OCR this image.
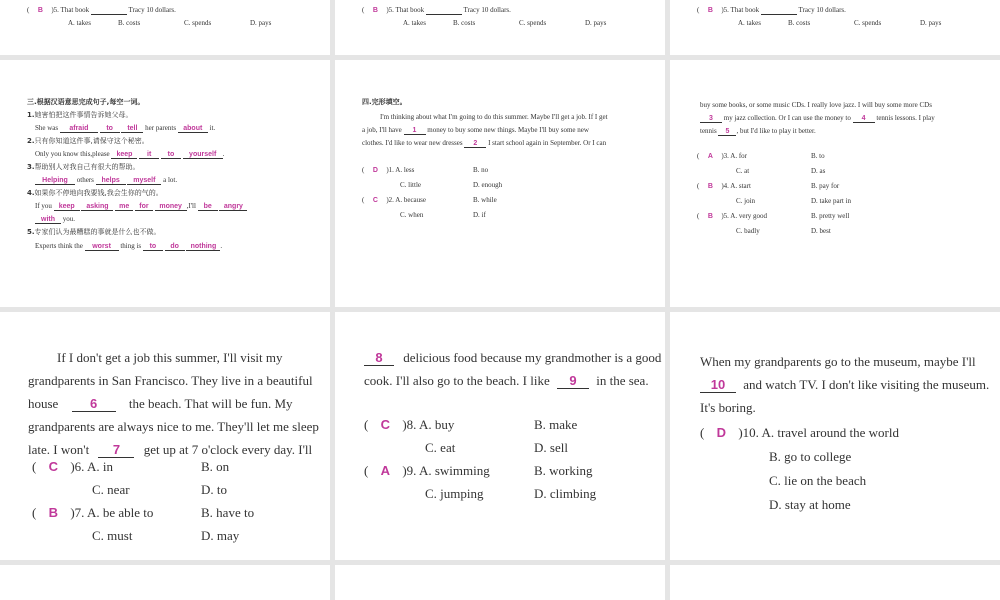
( B )5. That book	Tracy 10 dollars.
A. takes	B. costs	C. spends	D. pays
( B )5. That book	Tracy 10 dollars.
A. takes	B. costs	C. spends	D. pays
( B )5. That book	Tracy 10 dollars.
A. takes	B. costs	C. spends	D. pays
三.根据汉语意思完成句子,每空一词。
1.她害怕把这件事情告诉她父母。
She was afraid	to tell her parents about it.
2.只有你知道这件事,请保守这个秘密。
Only you know this,please keep it to yourself .
3.帮助别人对我自己有很大的帮助。
Helping others helps myself a lot.
4.如果你不停地向我要钱,我会生你的气的。
If you keep asking me for money ,I'll be angry
with you.
5.专家们认为最糟糕的事就是什么也不做。
Experts think the worst thing is to do nothing .
四.完形填空。
I'm thinking about what I'm going to do this summer. Maybe I'll get a job. If I get
a job, I'll have 1 money to buy some new things. Maybe I'll buy some new
clothes. I'd like to wear new dresses 2 I start school again in September. Or I can
( D )1. A. less	B. no
C. little	D. enough
( C )2. A. because	B. while
C. when	D. if
buy some books, or some music CDs. I really love jazz. I will buy some more CDs
3 my jazz collection. Or I can use the money to 4 tennis lessons. I play
tennis 5 , but I'd like to play it better.
( A )3. A. for	B. to
C. at	D. as
( B )4. A. start	B. pay for
C. join	D. take part in
( B )5. A. very good	B. pretty well
C. badly	D. best
If I don't get a job this summer, I'll visit my
grandparents in San Francisco. They live in a beautiful
house 6 the beach. That will be fun. My
grandparents are always nice to me. They'll let me sleep
late. I won't 7 get up at 7 o'clock every day. I'll
( C )6. A. in	B. on
C. near	D. to
( B )7. A. be able to	B. have to
C. must	D. may
8 delicious food because my grandmother is a good
cook. I'll also go to the beach. I like 9 in the sea.
( C )8. A. buy	B. make
C. eat	D. sell
( A )9. A. swimming	B. working
C. jumping	D. climbing
When my grandparents go to the museum, maybe I'll
10 and watch TV. I don't like visiting the museum.
It's boring.
( D )10. A. travel around the world
B. go to college
C. lie on the beach
D. stay at home
